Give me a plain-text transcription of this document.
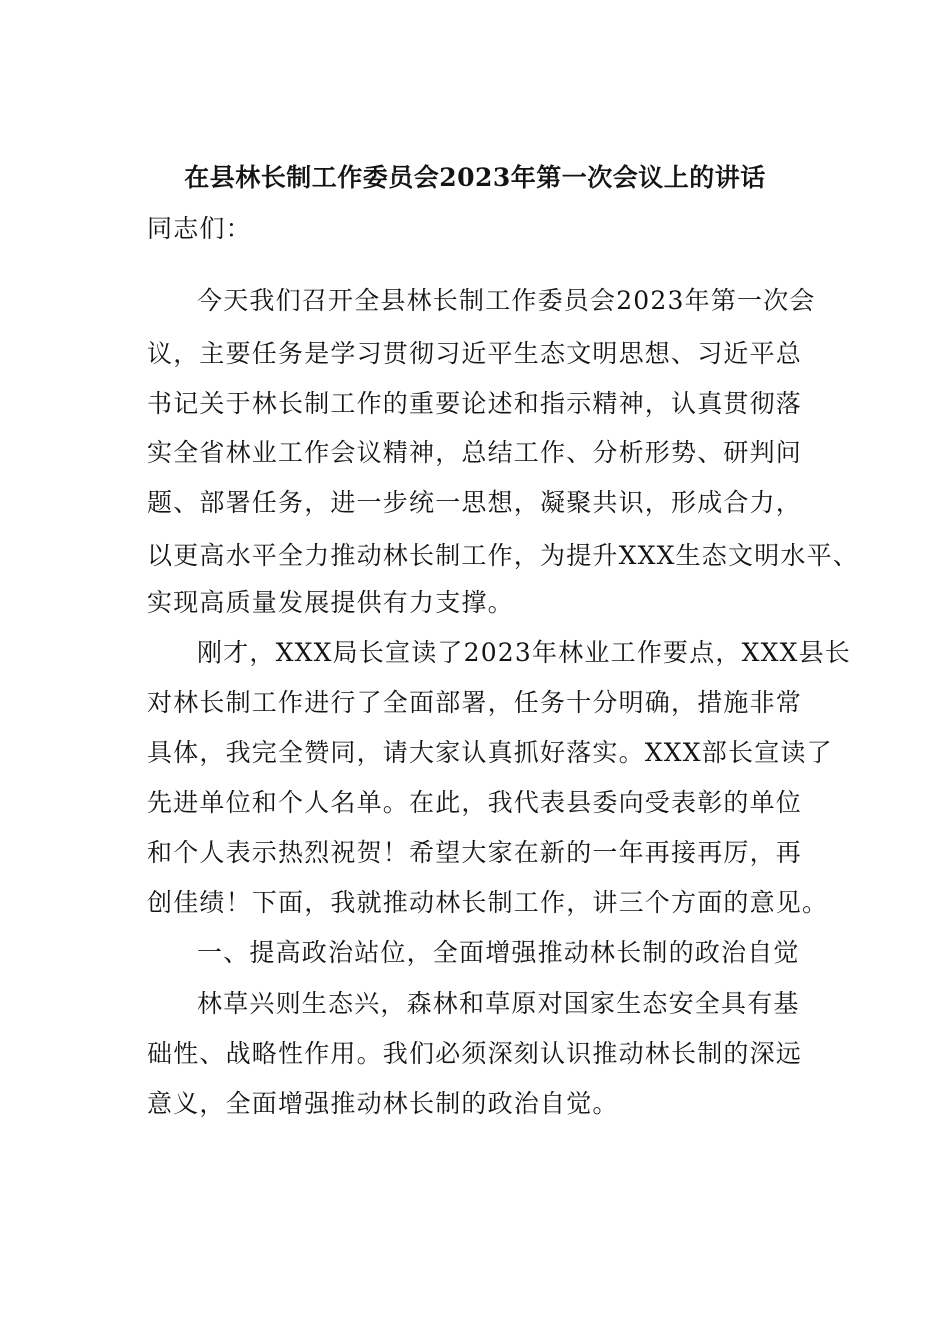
在县林长制工作委员会2023年第一次会议上的讲话

同志们：

今天我们召开全县林长制工作委员会2023年第一次会

议，主要任务是学习贯彻习近平生态文明思想、习近平总

书记关于林长制工作的重要论述和指示精神，认真贯彻落

实全省林业工作会议精神，总结工作、分析形势、研判问

题、部署任务，进一步统一思想，凝聚共识，形成合力，

以更高水平全力推动林长制工作，为提升XXX生态文明水平、

实现高质量发展提供有力支撑。

刚才，XXX局长宣读了2023年林业工作要点，XXX县长

对林长制工作进行了全面部署，任务十分明确，措施非常

具体，我完全赞同，请大家认真抓好落实。XXX部长宣读了

先进单位和个人名单。在此，我代表县委向受表彰的单位

和个人表示热烈祝贺！希望大家在新的一年再接再厉，再

创佳绩！下面，我就推动林长制工作，讲三个方面的意见。

一、提高政治站位，全面增强推动林长制的政治自觉

林草兴则生态兴，森林和草原对国家生态安全具有基

础性、战略性作用。我们必须深刻认识推动林长制的深远

意义，全面增强推动林长制的政治自觉。
